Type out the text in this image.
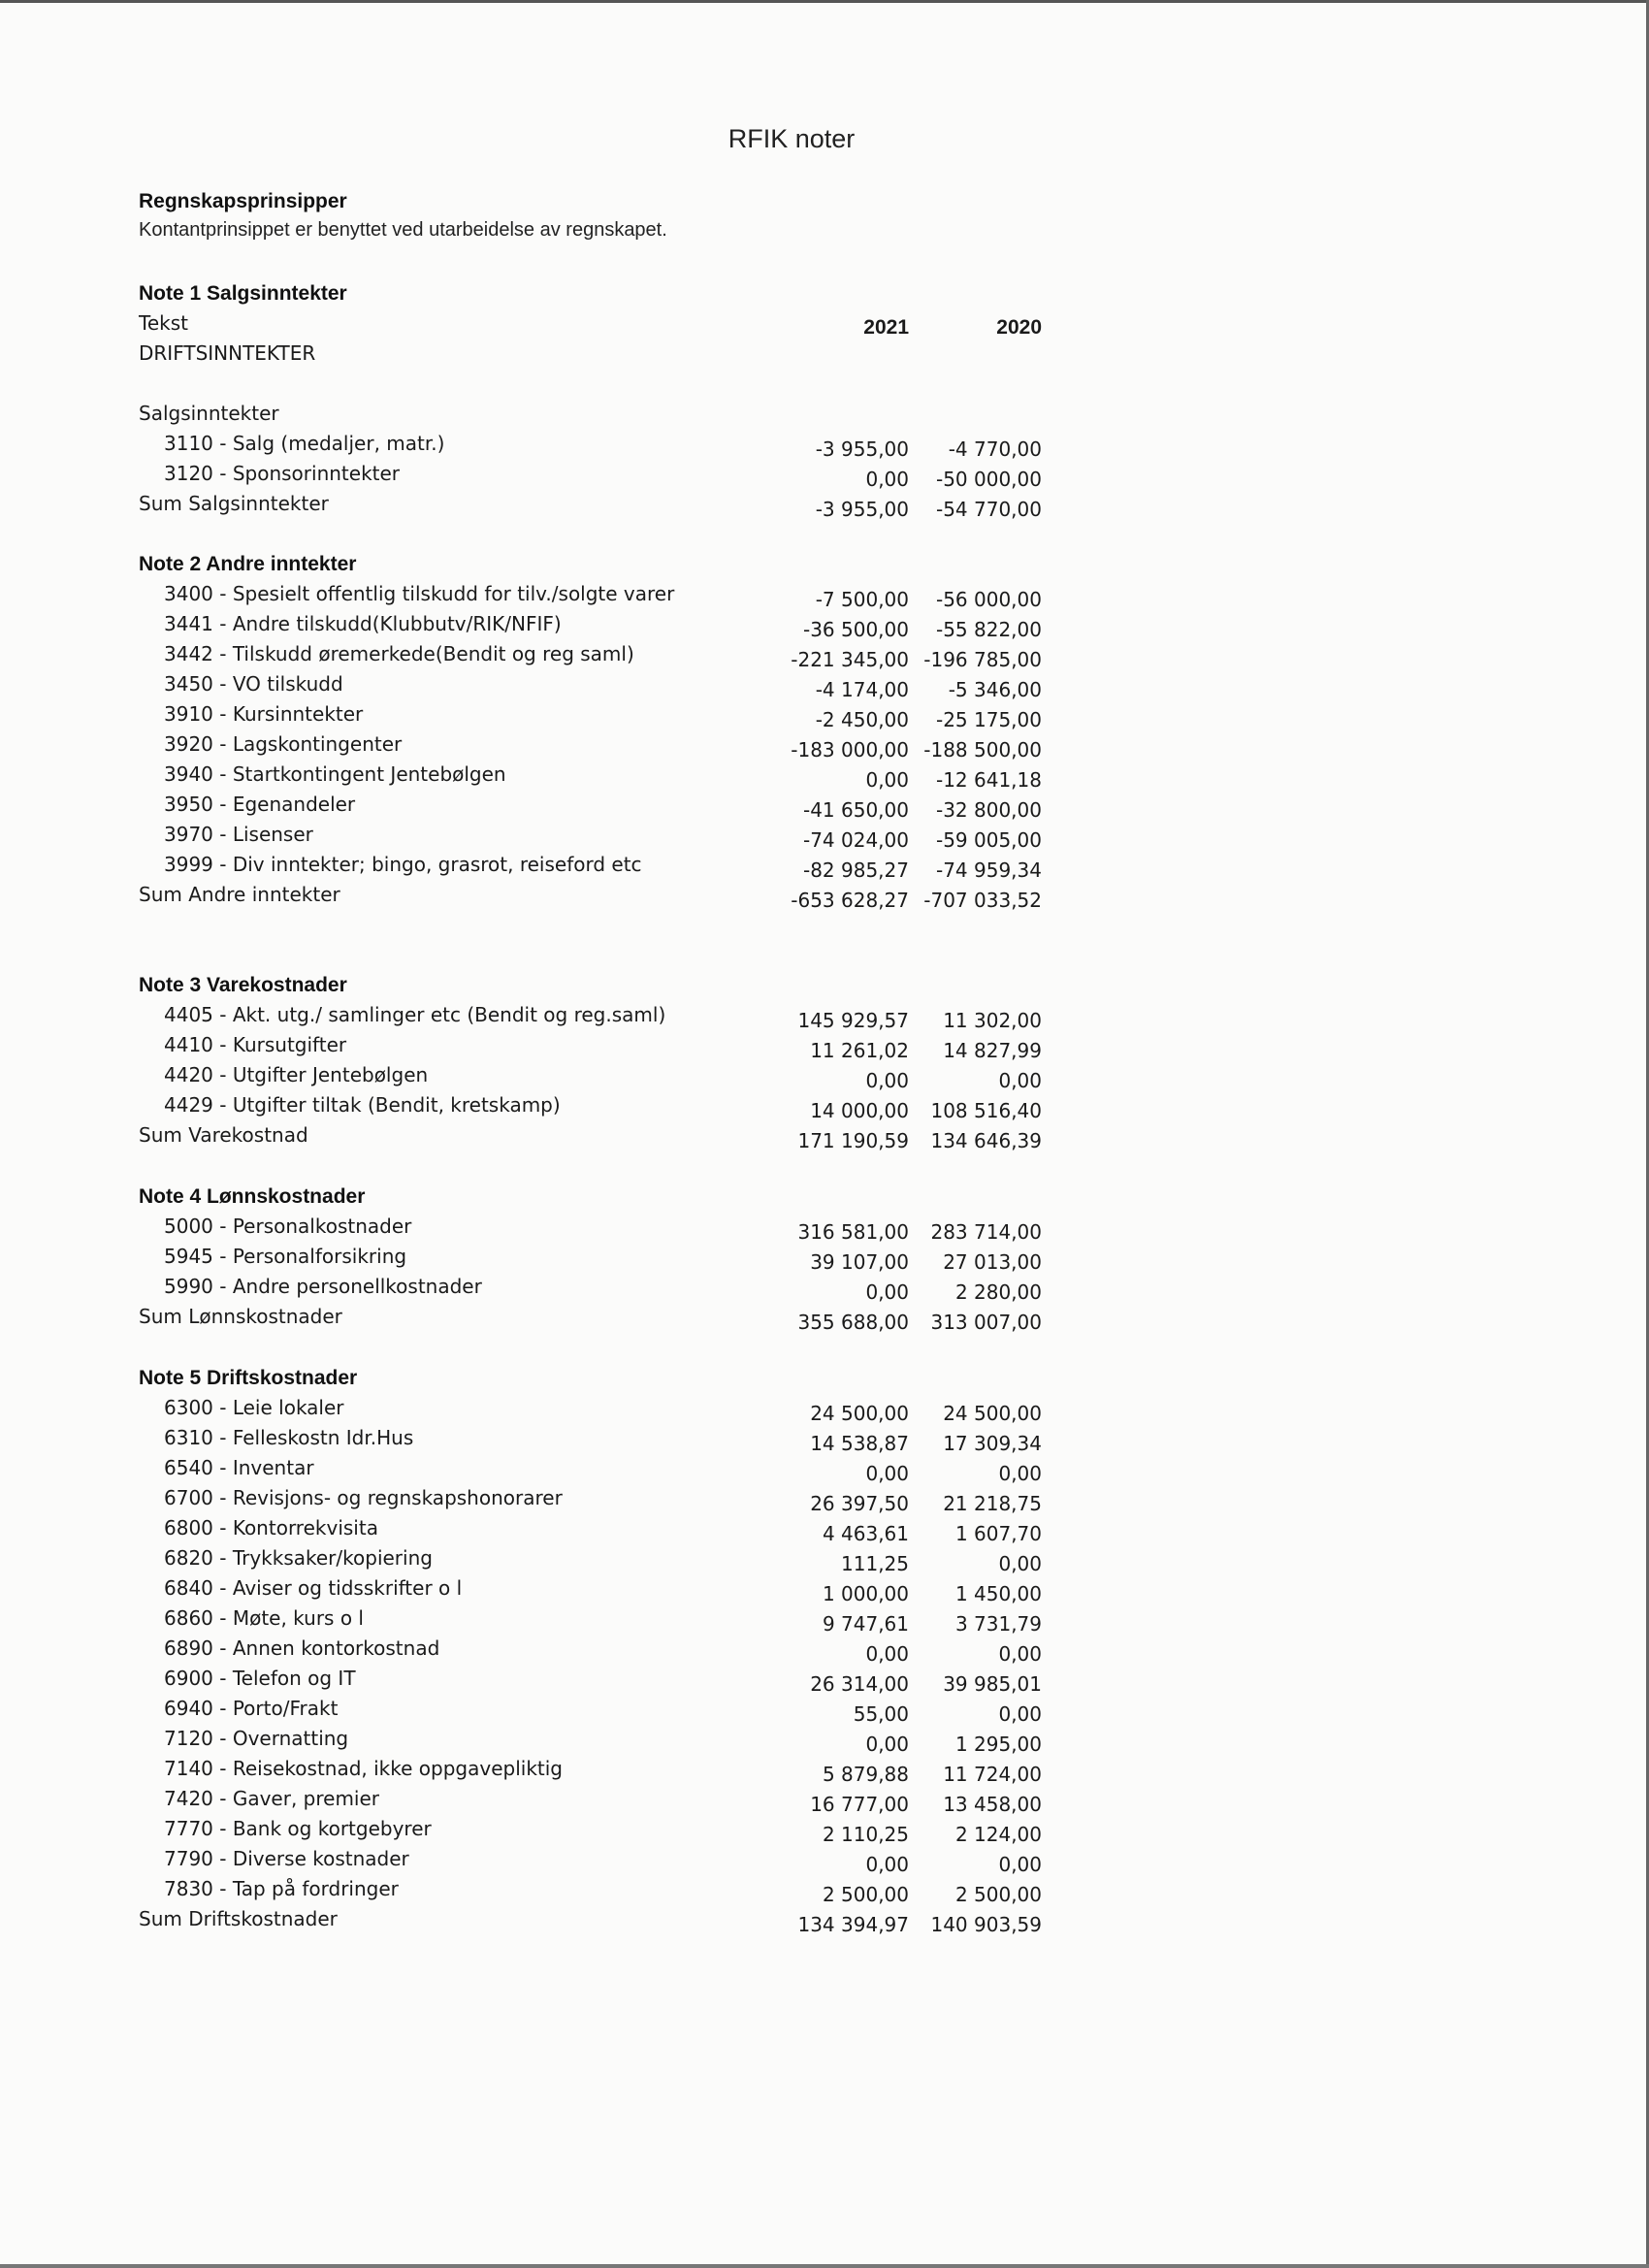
RFIK noter
Regnskapsprinsipper
Kontantprinsippet er benyttet ved utarbeidelse av regnskapet.
Note 1 Salgsinntekter
Tekst	2021	2020
DRIFTSINNTEKTER
Salgsinntekter
3110 - Salg (medaljer, matr.)	-3 955,00 -4 770,00
3120 - Sponsorinntekter	0,00 -50 000,00
Sum Salgsinntekter	-3 955,00 -54 770,00
Note 2 Andre inntekter
3400 - Spesielt offentlig tilskudd for tilv./solgte varer	-7 500,00 -56 000,00
3441 - Andre tilskudd(Klubbutv/RIK/NFIF)	-36 500,00 -55 822,00
3442 - Tilskudd øremerkede(Bendit og reg saml)	-221 345,00 -196 785,00
3450 - VO tilskudd	-4 174,00 -5 346,00
3910 - Kursinntekter	-2 450,00 -25 175,00
3920 - Lagskontingenter	-183 000,00 -188 500,00
3940 - Startkontingent Jentebølgen	0,00 -12 641,18
3950 - Egenandeler	-41 650,00 -32 800,00
3970 - Lisenser	-74 024,00 -59 005,00
3999 - Div inntekter; bingo, grasrot, reiseford etc	-82 985,27 -74 959,34
Sum Andre inntekter	-653 628,27 -707 033,52
Note 3 Varekostnader
4405 - Akt. utg./ samlinger etc (Bendit og reg.saml)	145 929,57 11 302,00
4410 - Kursutgifter	11 261,02 14 827,99
4420 - Utgifter Jentebølgen	0,00	0,00
4429 - Utgifter tiltak (Bendit, kretskamp)	14 000,00 108 516,40
Sum Varekostnad	171 190,59 134 646,39
Note 4 Lønnskostnader
5000 - Personalkostnader	316 581,00 283 714,00
5945 - Personalforsikring	39 107,00 27 013,00
5990 - Andre personellkostnader	0,00 2 280,00
Sum Lønnskostnader	355 688,00 313 007,00
Note 5 Driftskostnader
6300 - Leie lokaler	24 500,00 24 500,00
6310 - Felleskostn Idr.Hus	14 538,87 17 309,34
6540 - Inventar	0,00	0,00
6700 - Revisjons- og regnskapshonorarer	26 397,50 21 218,75
6800 - Kontorrekvisita	4 463,61 1 607,70
6820 - Trykksaker/kopiering	111,25	0,00
6840 - Aviser og tidsskrifter o l	1 000,00 1 450,00
6860 - Møte, kurs o l	9 747,61 3 731,79
6890 - Annen kontorkostnad	0,00	0,00
6900 - Telefon og IT	26 314,00 39 985,01
6940 - Porto/Frakt	55,00	0,00
7120 - Overnatting	0,00 1 295,00
7140 - Reisekostnad, ikke oppgavepliktig	5 879,88 11 724,00
7420 - Gaver, premier	16 777,00 13 458,00
7770 - Bank og kortgebyrer	2 110,25 2 124,00
7790 - Diverse kostnader	0,00	0,00
7830 - Tap på fordringer	2 500,00 2 500,00
Sum Driftskostnader	134 394,97 140 903,59
